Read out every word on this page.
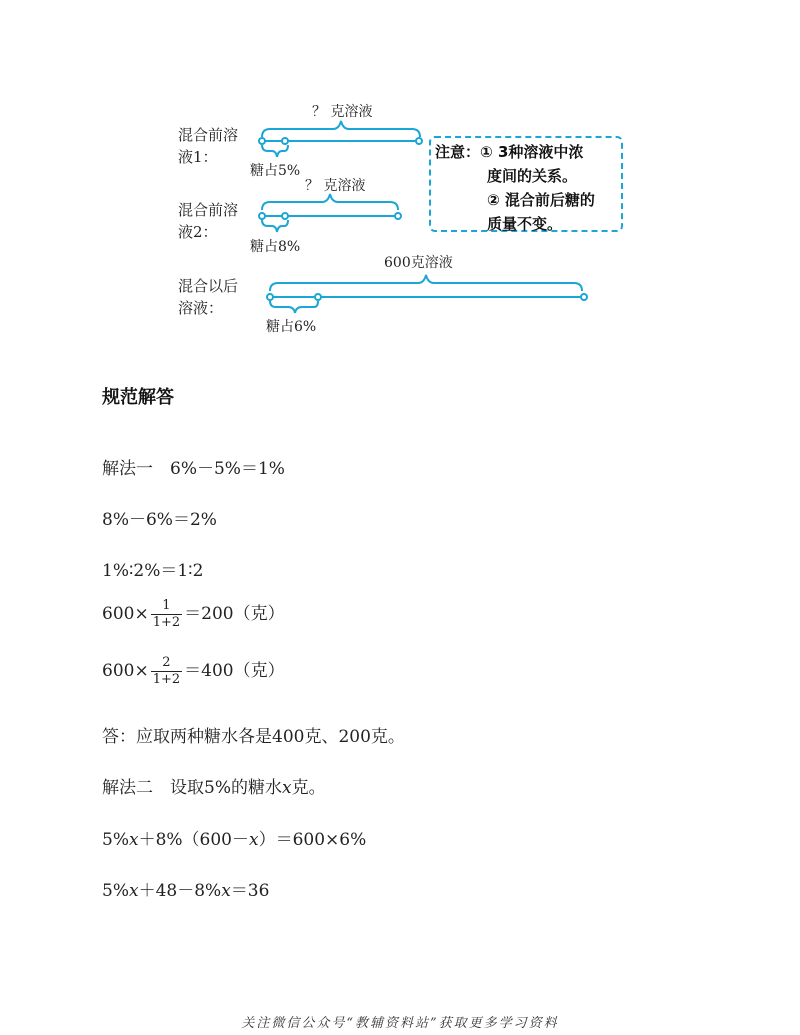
混合前溶
液1：
？ 克溶液
糖占5%
混合前溶
液2：
？ 克溶液
糖占8%
混合以后
溶液：
600克溶液
糖占6%
注意：① 3种溶液中浓
度间的关系。
② 混合前后糖的
质量不变。
规范解答
解法一　6%－5%＝1%
8%－6%＝2%
1%∶2%＝1∶2
$600\times \frac{1}{1+2} =200$（克）
$600\times \frac{2}{1+2} =400$（克）
答：应取两种糖水各是400克、200克。
解法二　设取5%的糖水x克。
5%x＋8%（600－x）＝600×6%
5%x＋48－8%x＝36
关注微信公众号“教辅资料站”获取更多学习资料
